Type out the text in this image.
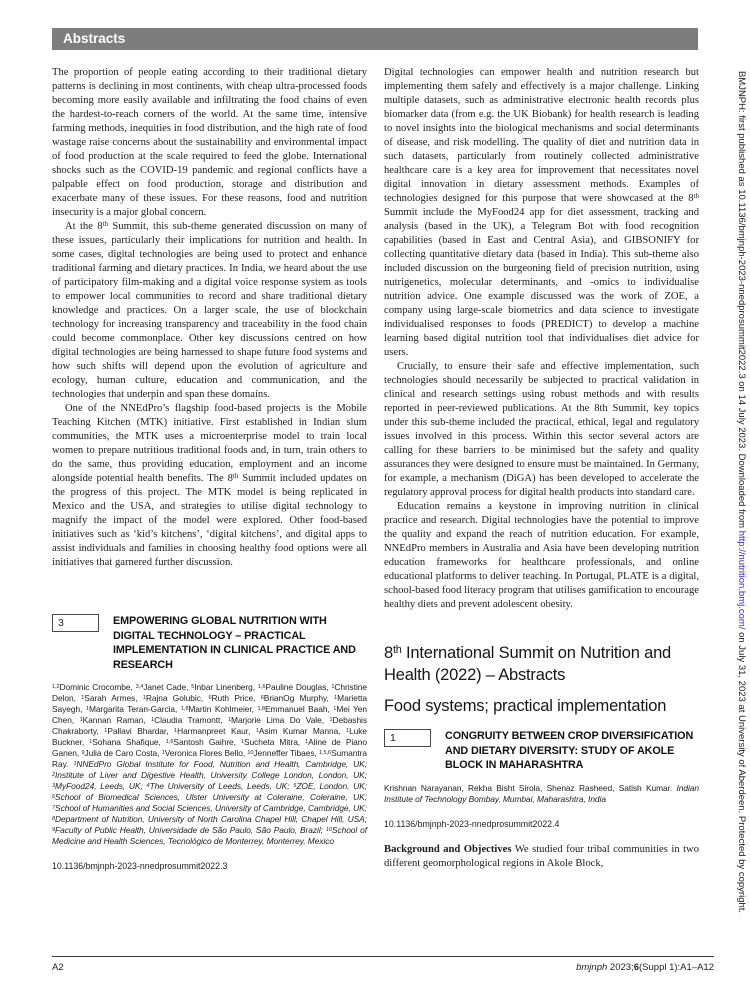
Abstracts

The proportion of people eating according to their traditional dietary patterns is declining in most continents, with cheap ultra-processed foods becoming more easily available and infiltrating the food chains of even the hardest-to-reach corners of the world. At the same time, intensive farming methods, inequities in food distribution, and the high rate of food wastage raise concerns about the sustainability and environmental impact of food production at the scale required to feed the globe. International shocks such as the COVID-19 pandemic and regional conflicts have a palpable effect on food production, storage and distribution and exacerbate many of these issues. For these reasons, food and nutrition insecurity is a major global concern.

At the 8th Summit, this sub-theme generated discussion on many of these issues, particularly their implications for nutrition and health. In some cases, digital technologies are being used to protect and enhance traditional farming and dietary practices. In India, we heard about the use of participatory film-making and a digital voice response system as tools to empower local communities to record and share traditional dietary knowledge and practices. On a larger scale, the use of blockchain technology for increasing transparency and traceability in the food chain could become commonplace. Other key discussions centred on how digital technologies are being harnessed to shape future food systems and how such shifts will depend upon the evolution of agriculture and ecology, human culture, education and communication, and the technologies that underpin and span these domains.

One of the NNEdPro’s flagship food-based projects is the Mobile Teaching Kitchen (MTK) initiative. First established in Indian slum communities, the MTK uses a microenterprise model to train local women to prepare nutritious traditional foods and, in turn, train others to do the same, thus providing education, employment and an income alongside potential health benefits. The 8th Summit included updates on the progress of this project. The MTK model is being replicated in Mexico and the USA, and strategies to utilise digital technology to magnify the impact of the model were explored. Other food-based initiatives such as ‘kid’s kitchens’, ‘digital kitchens’, and digital apps to assist individuals and families in choosing healthy food options were all initiatives that garnered further discussion.

3	EMPOWERING GLOBAL NUTRITION WITH DIGITAL TECHNOLOGY – PRACTICAL IMPLEMENTATION IN CLINICAL PRACTICE AND RESEARCH
$^{1,2}$Dominic Crocombe, $^{3,4}$Janet Cade, $^5$Inbar Linenberg, $^{1,6}$Pauline Douglas, $^1$Christine Delon, $^1$Sarah Armes, $^1$Rajna Golubic, $^6$Ruth Price, $^6$BrianOg Murphy, $^1$Marietta Sayegh, $^1$Margarita Teran-Garcia, $^{1,8}$Martin Kohlmeier, $^{1,8}$Emmanuel Baah, $^1$Mei Yen Chen, $^1$Kannan Raman, $^1$Claudia Tramontt, $^1$Marjorie Lima Do Vale, $^1$Debashis Chakraborty, $^1$Pallavi Bhardar, $^1$Harmanpreet Kaur, $^1$Asim Kumar Manna, $^1$Luke Buckner, $^1$Sohana Shafique, $^{1,6}$Santosh Gaihre, $^1$Sucheta Mitra, $^1$Aline de Piano Ganen, $^9$Julia de Caro Costa, $^1$Veronica Flores Bello, $^{10}$Jenneffer Tibaes, $^{1,5,6}$Sumantra Ray. $^1$NNEdPro Global Institute for Food, Nutrition and Health, Cambridge, UK; $^2$Institute of Liver and Digestive Health, University College London, London, UK; $^3$MyFood24, Leeds, UK; $^4$The University of Leeds, Leeds, UK; $^5$ZOE, London, UK; $^6$School of Biomedical Sciences, Ulster University at Coleraine, Coleraine, UK; $^7$School of Humanities and Social Sciences, University of Cambridge, Cambridge, UK; $^8$Department of Nutrition, University of North Carolina Chapel Hill, Chapel Hill, USA; $^9$Faculty of Public Health, Universidade de São Paulo, São Paulo, Brazil; $^{10}$School of Medicine and Health Sciences, Tecnológico de Monterrey, Monterrey, Mexico
10.1136/bmjnph-2023-nnedprosummit2022.3

Digital technologies can empower health and nutrition research but implementing them safely and effectively is a major challenge. Linking multiple datasets, such as administrative electronic health records plus biomarker data (from e.g. the UK Biobank) for health research is leading to novel insights into the biological mechanisms and social determinants of disease, and risk modelling. The quality of diet and nutrition data in such datasets, particularly from routinely collected administrative healthcare care is a key area for improvement that necessitates novel digital innovation in dietary assessment methods. Examples of technologies designed for this purpose that were showcased at the 8th Summit include the MyFood24 app for diet assessment, tracking and analysis (based in the UK), a Telegram Bot with food recognition capabilities (based in East and Central Asia), and GIBSONIFY for collecting quantitative dietary data (based in India). This sub-theme also included discussion on the burgeoning field of precision nutrition, using nutrigenetics, molecular determinants, and -omics to individualise nutrition advice. One example discussed was the work of ZOE, a company using large-scale biometrics and data science to investigate individualised responses to foods (PREDICT) to develop a machine learning based digital nutrition tool that individualises diet advice for users.

Crucially, to ensure their safe and effective implementation, such technologies should necessarily be subjected to practical validation in clinical and research settings using robust methods and with results reported in peer-reviewed publications. At the 8th Summit, key topics under this sub-theme included the practical, ethical, legal and regulatory issues involved in this process. Within this sector several actors are calling for these barriers to be minimised but the safety and quality assurances they were designed to ensure must be maintained. In Germany, for example, a mechanism (DiGA) has been developed to accelerate the regulatory approval process for digital health products into standard care.

Education remains a keystone in improving nutrition in clinical practice and research. Digital technologies have the potential to improve the quality and expand the reach of nutrition education. For example, NNEdPro members in Australia and Asia have been developing nutrition education frameworks for healthcare professionals, and online educational platforms to deliver teaching. In Portugal, PLATE is a digital, school-based food literacy program that utilises gamification to encourage healthy diets and prevent adolescent obesity.

8th International Summit on Nutrition and Health (2022) – Abstracts
Food systems; practical implementation
1	CONGRUITY BETWEEN CROP DIVERSIFICATION AND DIETARY DIVERSITY: STUDY OF AKOLE BLOCK IN MAHARASHTRA
Krishnan Narayanan, Rekha Bisht Sirola, Shenaz Rasheed, Satish Kumar. Indian Institute of Technology Bombay, Mumbai, Maharashtra, India
10.1136/bmjnph-2023-nnedprosummit2022.4

Background and Objectives We studied four tribal communities in two different geomorphological regions in Akole Block,

A2	bmjnph 2023;6(Suppl 1):A1–A12
BMJNPH: first published as 10.1136/bmjnph-2023-nnedprosummit2022.3 on 14 July 2023. Downloaded from http://nutrition.bmj.com/ on July 31, 2023 at University of Aberdeen. Protected by copyright.
